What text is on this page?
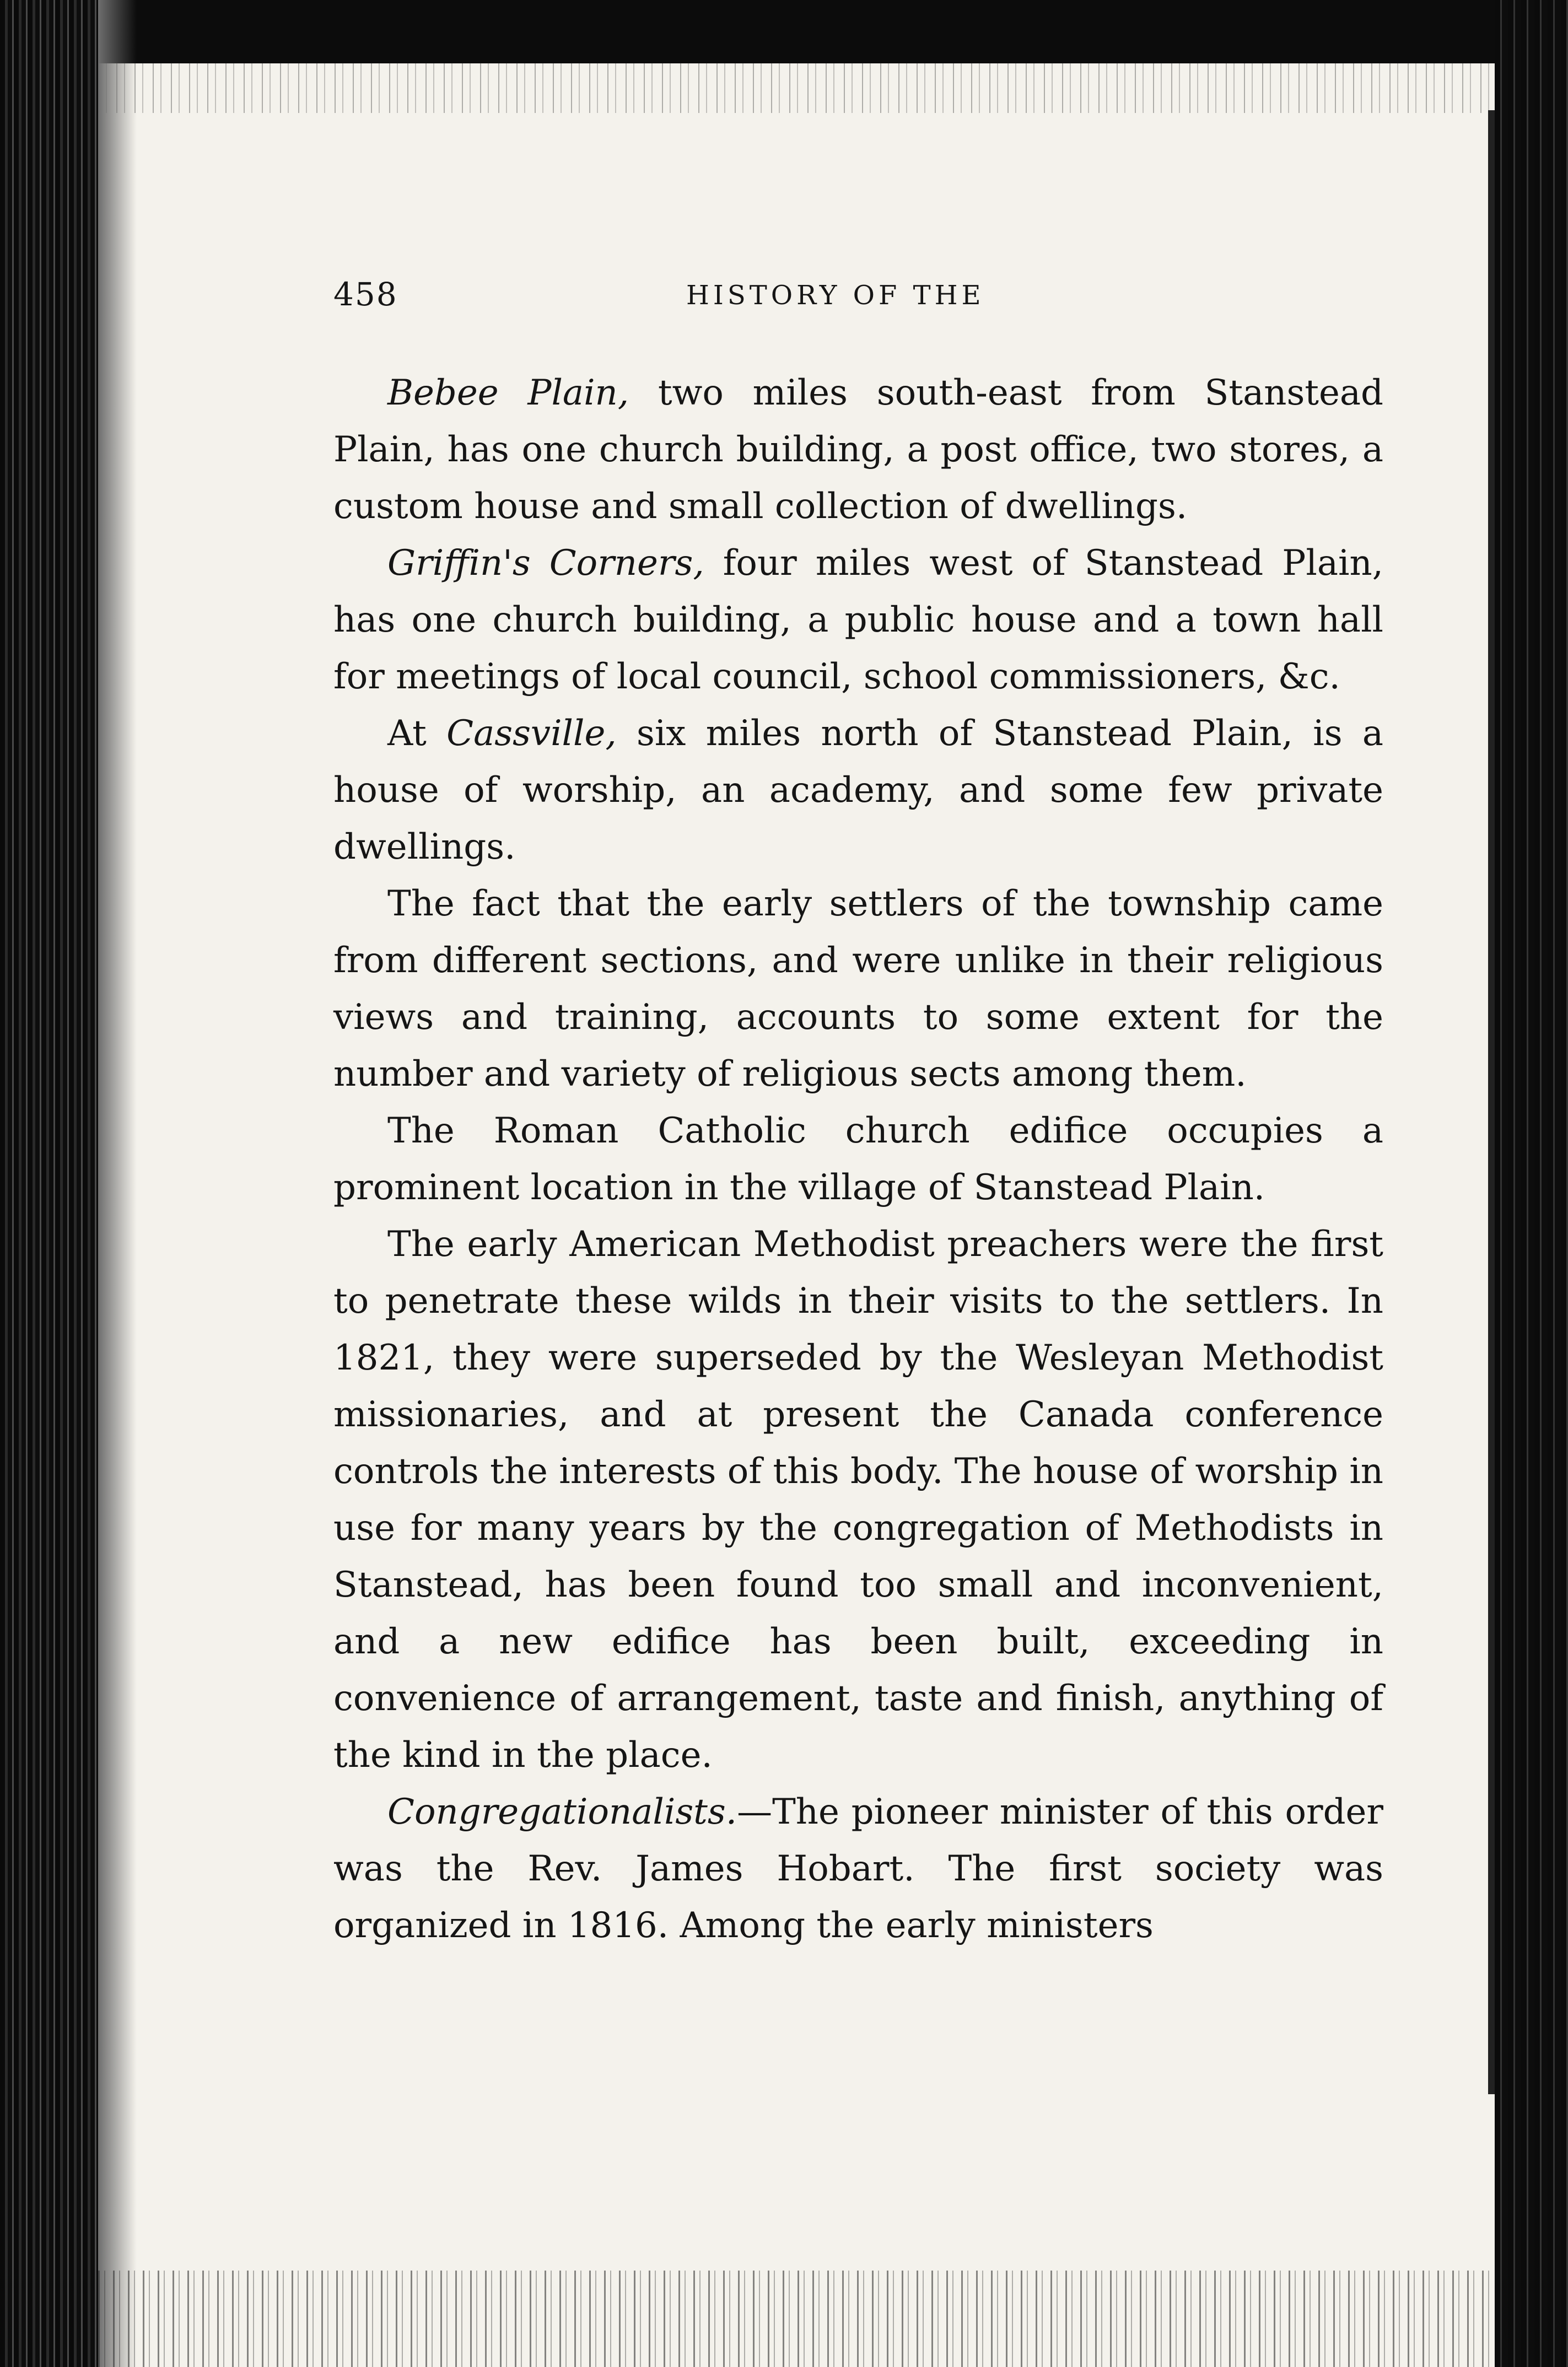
458	HISTORY OF THE

Bebee Plain, two miles south-east from Stanstead Plain, has one church building, a post office, two stores, a custom house and small collection of dwellings.

Griffin's Corners, four miles west of Stanstead Plain, has one church building, a public house and a town hall for meetings of local council, school commissioners, &c.

At Cassville, six miles north of Stanstead Plain, is a house of worship, an academy, and some few private dwellings.

The fact that the early settlers of the township came from different sections, and were unlike in their religious views and training, accounts to some extent for the number and variety of religious sects among them.

The Roman Catholic church edifice occupies a prominent location in the village of Stanstead Plain.

The early American Methodist preachers were the first to penetrate these wilds in their visits to the settlers. In 1821, they were superseded by the Wesleyan Methodist missionaries, and at present the Canada conference controls the interests of this body. The house of worship in use for many years by the congregation of Methodists in Stanstead, has been found too small and inconvenient, and a new edifice has been built, exceeding in convenience of arrangement, taste and finish, anything of the kind in the place.

Congregationalists.—The pioneer minister of this order was the Rev. James Hobart. The first society was organized in 1816. Among the early ministers
